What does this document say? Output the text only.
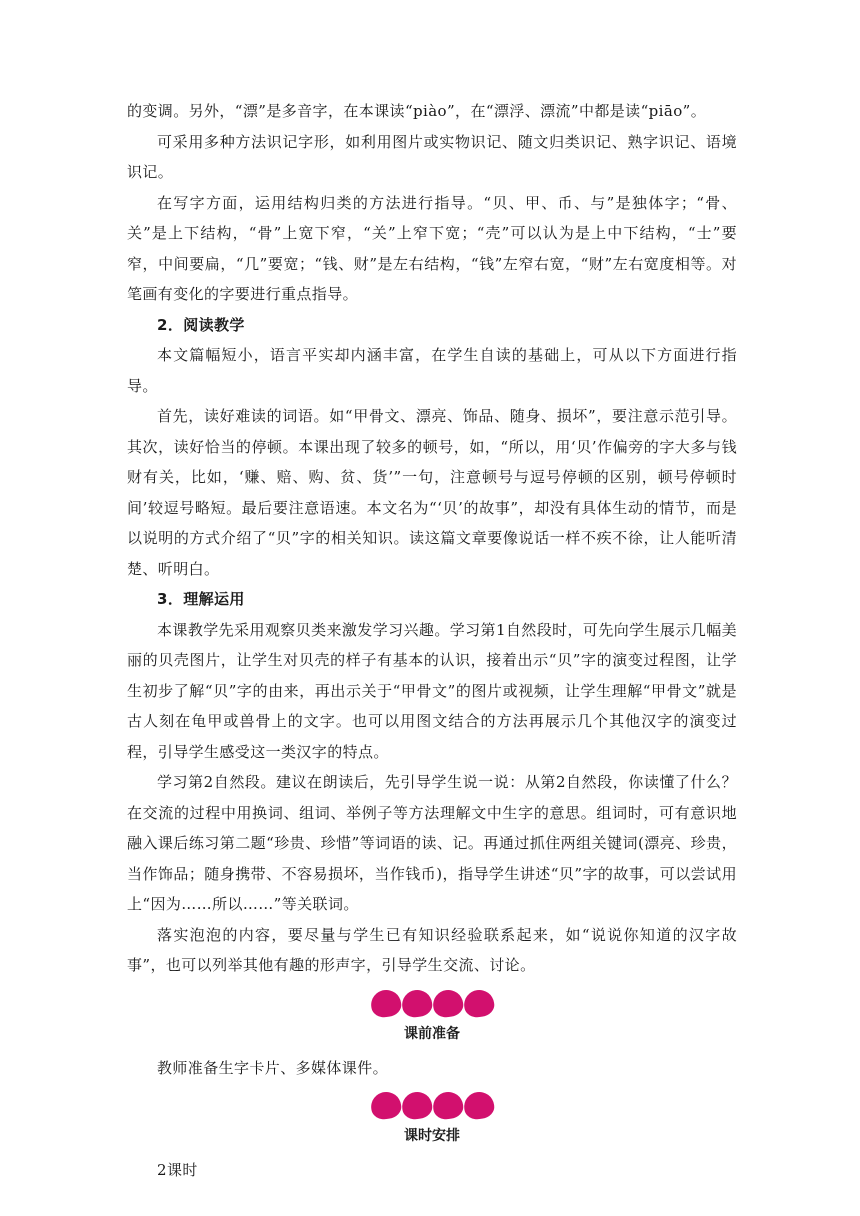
的变调。另外，“漂”是多音字，在本课读“piào”，在“漂浮、漂流”中都是读“piāo”。

可采用多种方法识记字形，如利用图片或实物识记、随文归类识记、熟字识记、语境识记。

在写字方面，运用结构归类的方法进行指导。“贝、甲、币、与”是独体字；“骨、关”是上下结构，“骨”上宽下窄，“关”上窄下宽；“壳”可以认为是上中下结构，“士”要窄，中间要扁，“几”要宽；“钱、财”是左右结构，“钱”左窄右宽，“财”左右宽度相等。对笔画有变化的字要进行重点指导。

2．阅读教学

本文篇幅短小，语言平实却内涵丰富，在学生自读的基础上，可从以下方面进行指导。

首先，读好难读的词语。如“甲骨文、漂亮、饰品、随身、损坏”，要注意示范引导。其次，读好恰当的停顿。本课出现了较多的顿号，如，“所以，用‘贝’作偏旁的字大多与钱财有关，比如，‘赚、赔、购、贫、货’”一句，注意顿号与逗号停顿的区别，顿号停顿时间’较逗号略短。最后要注意语速。本文名为“‘贝’的故事”，却没有具体生动的情节，而是以说明的方式介绍了“贝”字的相关知识。读这篇文章要像说话一样不疾不徐，让人能听清楚、听明白。

3．理解运用

本课教学先采用观察贝类来激发学习兴趣。学习第1自然段时，可先向学生展示几幅美丽的贝壳图片，让学生对贝壳的样子有基本的认识，接着出示“贝”字的演变过程图，让学生初步了解“贝”字的由来，再出示关于“甲骨文”的图片或视频，让学生理解“甲骨文”就是古人刻在龟甲或兽骨上的文字。也可以用图文结合的方法再展示几个其他汉字的演变过程，引导学生感受这一类汉字的特点。

学习第2自然段。建议在朗读后，先引导学生说一说：从第2自然段，你读懂了什么？在交流的过程中用换词、组词、举例子等方法理解文中生字的意思。组词时，可有意识地融入课后练习第二题“珍贵、珍惜”等词语的读、记。再通过抓住两组关键词(漂亮、珍贵，当作饰品；随身携带、不容易损坏，当作钱币)，指导学生讲述“贝”字的故事，可以尝试用上“因为……所以……”等关联词。

落实泡泡的内容，要尽量与学生已有知识经验联系起来，如“说说你知道的汉字故事”，也可以列举其他有趣的形声字，引导学生交流、讨论。

课前准备

教师准备生字卡片、多媒体课件。

课时安排

2课时
